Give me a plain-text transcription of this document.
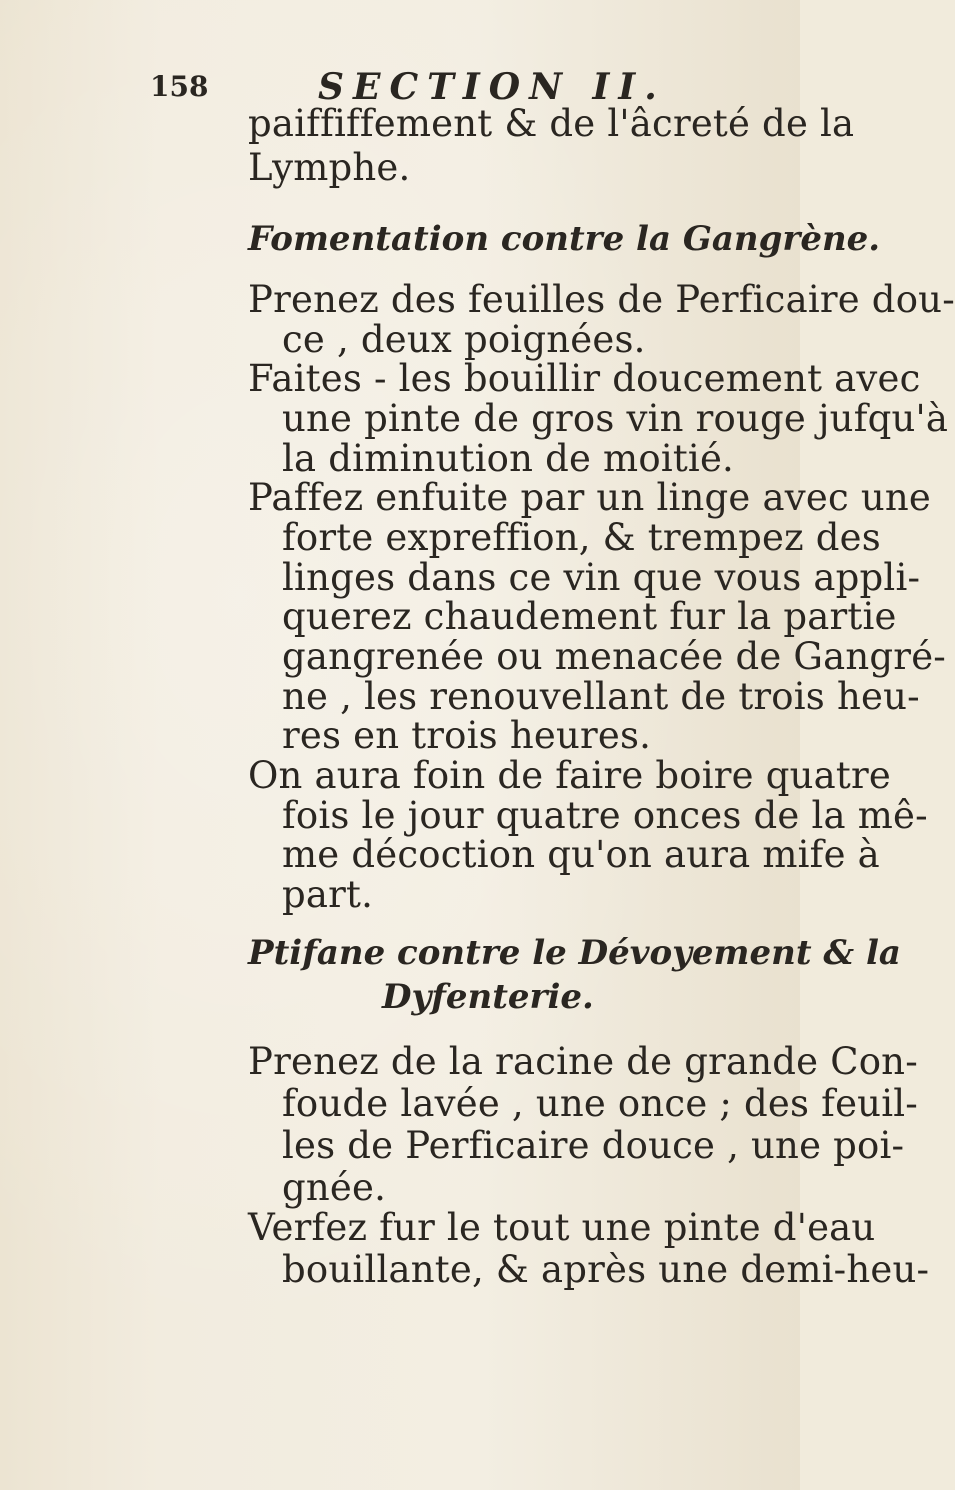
158	SECTION II.
paiffiffement & de l'âcreté de la
Lymphe.
Fomentation contre la Gangrène.
Prenez des feuilles de Perficaire dou-
ce , deux poignées.
Faites - les bouillir doucement avec
une pinte de gros vin rouge jufqu'à
la diminution de moitié.
Paffez enfuite par un linge avec une
forte expreffion, & trempez des
linges dans ce vin que vous appli-
querez chaudement fur la partie
gangrenée ou menacée de Gangré-
ne , les renouvellant de trois heu-
res en trois heures.
On aura foin de faire boire quatre
fois le jour quatre onces de la mê-
me décoction qu'on aura mife à
part.
Ptifane contre le Dévoyement & la
Dyfenterie.
Prenez de la racine de grande Con-
foude lavée , une once ; des feuil-
les de Perficaire douce , une poi-
gnée.
Verfez fur le tout une pinte d'eau
bouillante, & après une demi-heu-
